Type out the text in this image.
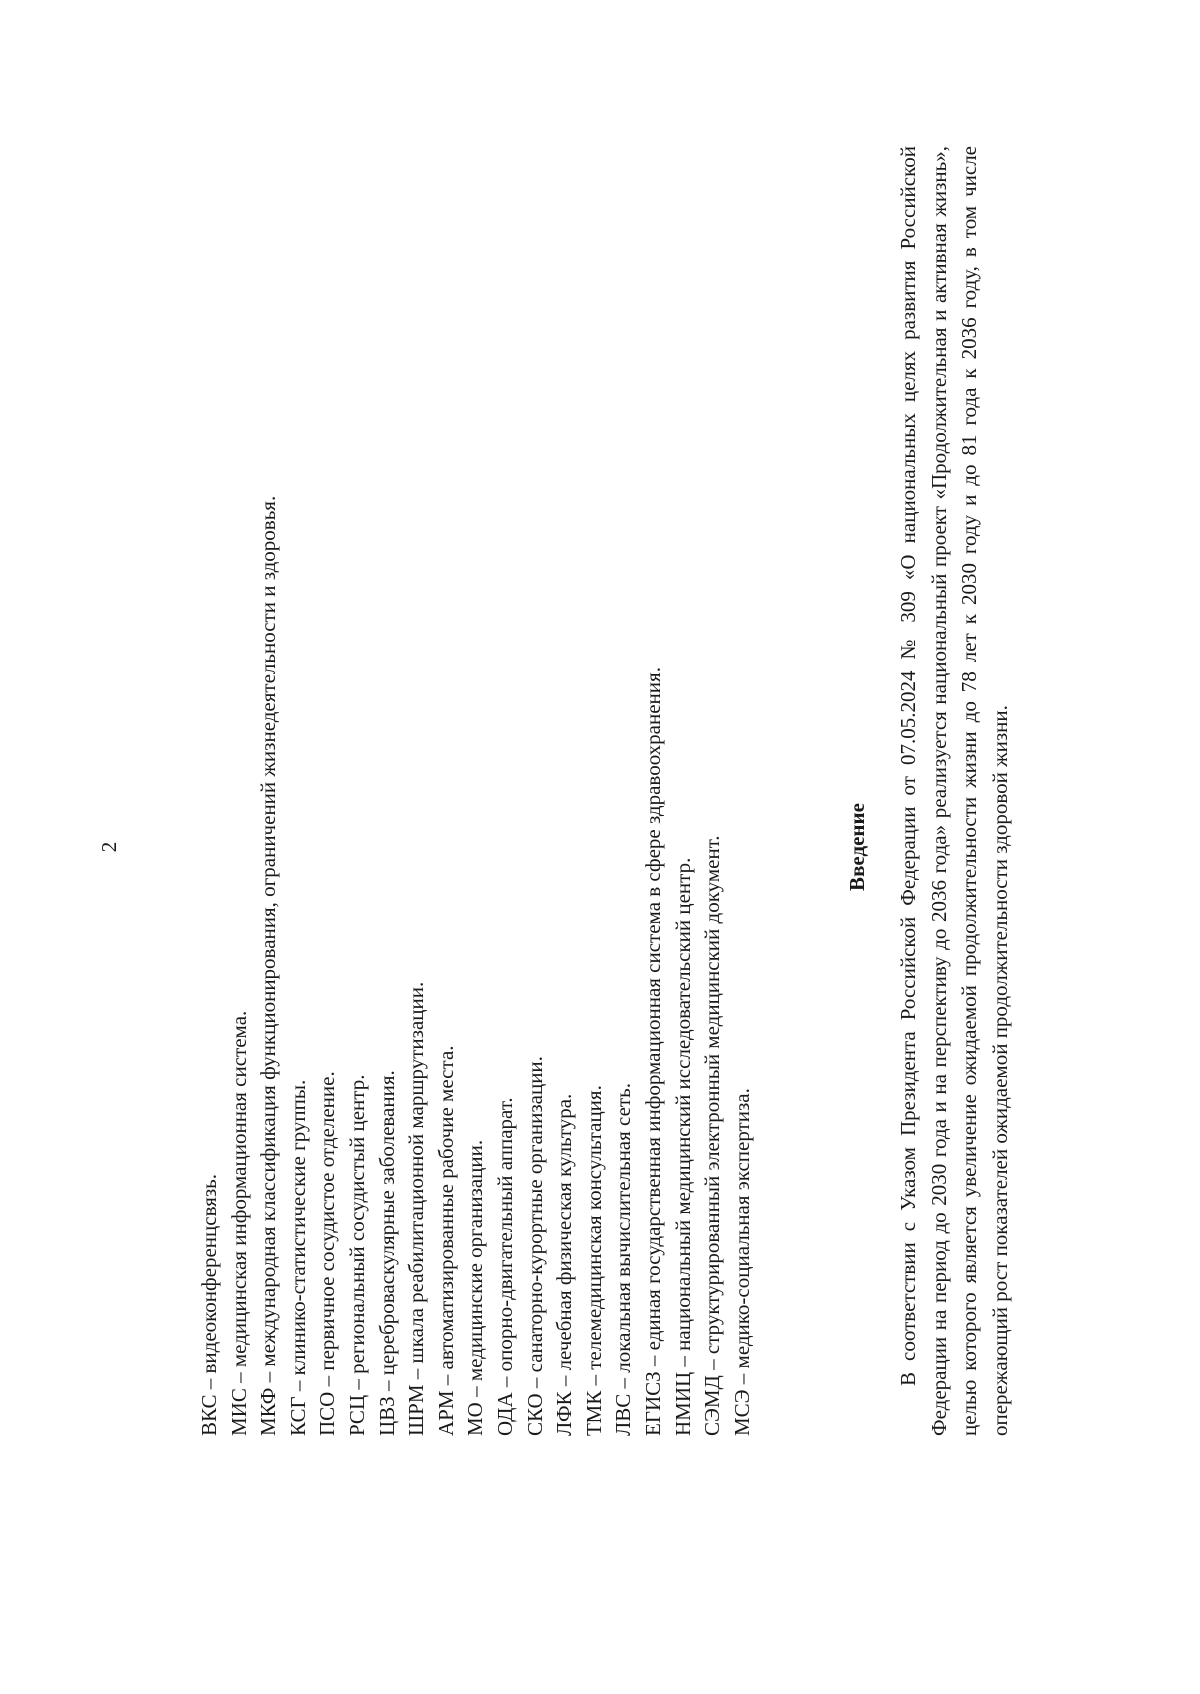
2
ВКС – видеоконференцсвязь. МИС – медицинская информационная система. МКФ – международная классификация функционирования, ограничений жизнедеятельности и здоровья. КСГ – клинико-статистические группы. ПСО – первичное сосудистое отделение. РСЦ – региональный сосудистый центр. ЦВЗ – цереброваскулярные заболевания. ШРМ – шкала реабилитационной маршрутизации. АРМ – автоматизированные рабочие места. МО – медицинские организации. ОДА – опорно-двигательный аппарат. СКО – санаторно-курортные организации. ЛФК – лечебная физическая культура. ТМК – телемедицинская консультация. ЛВС – локальная вычислительная сеть. ЕГИСЗ – единая государственная информационная система в сфере здравоохранения. НМИЦ – национальный медицинский исследовательский центр. СЭМД – структурированный электронный медицинский документ. МСЭ – медико-социальная экспертиза.
Введение В соответствии с Указом Президента Российской Федерации от 07.05.2024 № 309 «О национальных целях развития Российской Федерации на период до 2030 года и на перспективу до 2036 года» реализуется национальный проект «Продолжительная и активная жизнь», целью которого является увеличение ожидаемой продолжительности жизни до 78 лет к 2030 году и до 81 года к 2036 году, в том числе опережающий рост показателей ожидаемой продолжительности здоровой жизни.
